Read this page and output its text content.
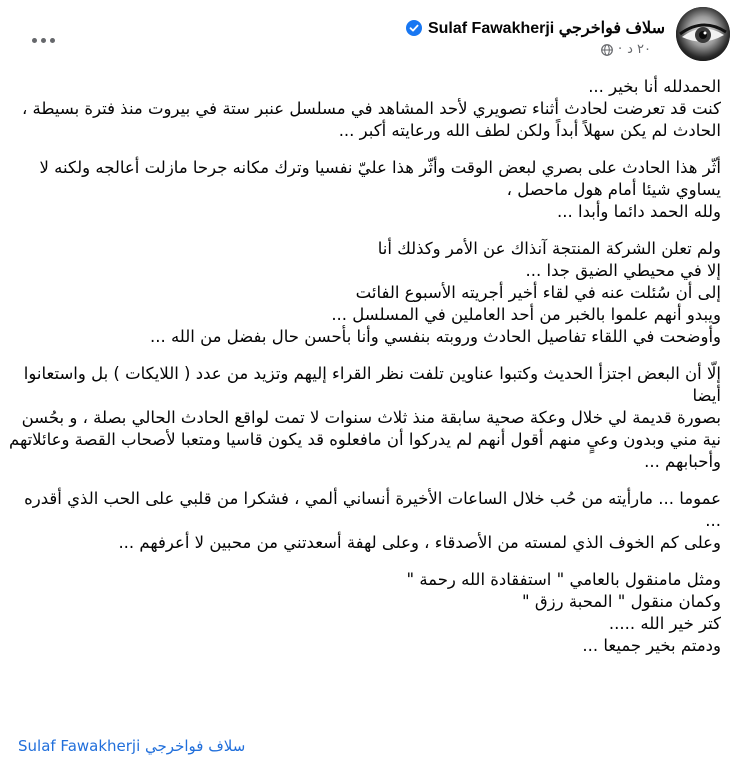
Sulaf Fawakherji سلاف فواخرجي
٢٠ د
·

الحمدلله أنا بخير ...
كنت قد تعرضت لحادث أثناء تصويري لأحد المشاهد في مسلسل عنبر ستة في بيروت منذ فترة بسيطة ،
الحادث لم يكن سهلاً أبداً ولكن لطف الله ورعايته أكبر ...

أثّر هذا الحادث على بصري لبعض الوقت وأثّر هذا عليّ نفسيا وترك مكانه جرحا مازلت أعالجه ولكنه لا يساوي شيئا أمام هول ماحصل ،
ولله الحمد دائما وأبدا ...

ولم تعلن الشركة المنتجة آنذاك عن الأمر وكذلك أنا
إلا في محيطي الضيق جدا ...
إلى أن سُئلت عنه في لقاء أخير أجريته الأسبوع الفائت
ويبدو أنهم علموا بالخبر من أحد العاملين في المسلسل ...
وأوضحت في اللقاء تفاصيل الحادث وروبته بنفسي وأنا بأحسن حال بفضل من الله ...

إلّا أن البعض اجتزأ الحديث وكتبوا عناوين تلفت نظر القراء إليهم وتزيد من عدد ( اللايكات ) بل واستعانوا أيضا
بصورة قديمة لي خلال وعكة صحية سابقة منذ ثلاث سنوات لا تمت لواقع الحادث الحالي بصلة ، و بحُسن نية مني وبدون وعيٍ منهم أقول أنهم لم يدركوا أن مافعلوه قد يكون قاسيا ومتعبا لأصحاب القصة وعائلاتهم وأحبابهم ...

عموما ... مارأيته من حُب خلال الساعات الأخيرة أنساني ألمي ، فشكرا من قلبي على الحب الذي أقدره ...
وعلى كم الخوف الذي لمسته من الأصدقاء ، وعلى لهفة أسعدتني من محبين لا أعرفهم ...

ومثل مامنقول بالعامي " استفقادة الله رحمة "
وكمان منقول " المحبة رزق "
كتر خير الله .....
ودمتم بخير جميعا ...

Sulaf Fawakherji سلاف فواخرجي
